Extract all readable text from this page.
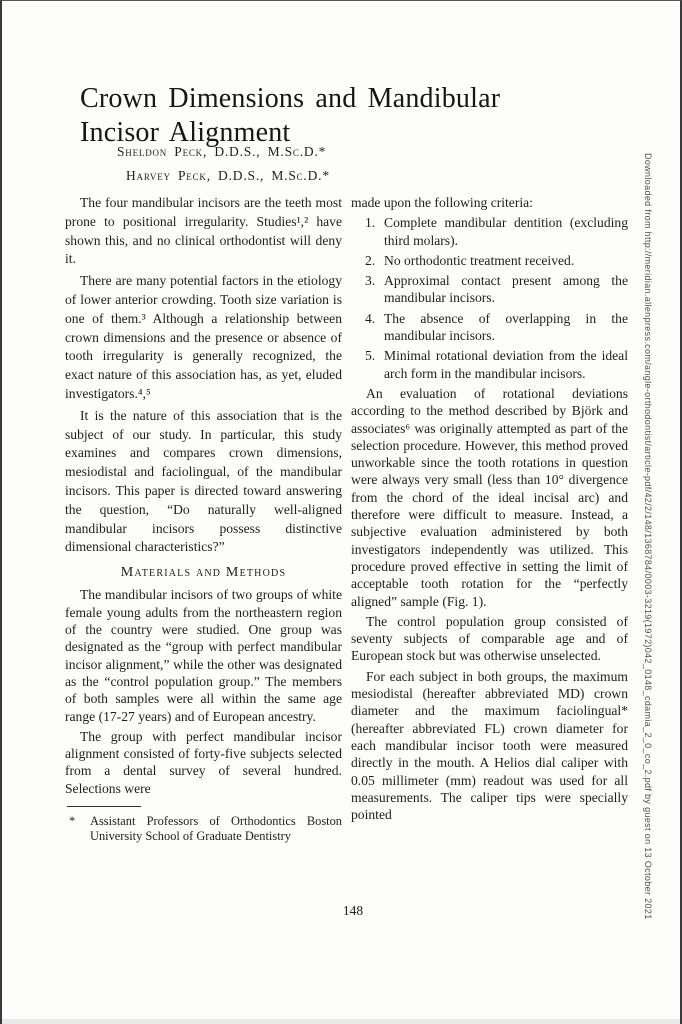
Downloaded from http://meridian.allenpress.com/angle-orthodontist/article-pdf/42/2/148/1368784/0003-3219(1972)042_0148_cdamia_2_0_co_2.pdf by guest on 13 October 2021
Crown Dimensions and Mandibular
Incisor Alignment
Sheldon Peck, D.D.S., M.Sc.D.*
Harvey Peck, D.D.S., M.Sc.D.*

The four mandibular incisors are the teeth most prone to positional irregularity. Studies¹,² have shown this, and no clinical orthodontist will deny it.

There are many potential factors in the etiology of lower anterior crowding. Tooth size variation is one of them.³ Although a relationship between crown dimensions and the presence or absence of tooth irregularity is generally recognized, the exact nature of this association has, as yet, eluded investigators.⁴,⁵

It is the nature of this association that is the subject of our study. In particular, this study examines and compares crown dimensions, mesiodistal and faciolingual, of the mandibular incisors. This paper is directed toward answering the question, “Do naturally well-aligned mandibular incisors possess distinctive dimensional characteristics?”

Materials and Methods

The mandibular incisors of two groups of white female young adults from the northeastern region of the country were studied. One group was designated as the “group with perfect mandibular incisor alignment,” while the other was designated as the “control population group.” The members of both samples were all within the same age range (17-27 years) and of European ancestry.

The group with perfect mandibular incisor alignment consisted of forty-five subjects selected from a dental survey of several hundred. Selections were

* Assistant Professors of Orthodontics Boston University School of Graduate Dentistry

made upon the following criteria:

1. Complete mandibular dentition (excluding third molars).

2. No orthodontic treatment received.

3. Approximal contact present among the mandibular incisors.

4. The absence of overlapping in the mandibular incisors.

5. Minimal rotational deviation from the ideal arch form in the mandibular incisors.

An evaluation of rotational deviations according to the method described by Björk and associates⁶ was originally attempted as part of the selection procedure. However, this method proved unworkable since the tooth rotations in question were always very small (less than 10° divergence from the chord of the ideal incisal arc) and therefore were difficult to measure. Instead, a subjective evaluation administered by both investigators independently was utilized. This procedure proved effective in setting the limit of acceptable tooth rotation for the “perfectly aligned” sample (Fig. 1).

The control population group consisted of seventy subjects of comparable age and of European stock but was otherwise unselected.

For each subject in both groups, the maximum mesiodistal (hereafter abbreviated MD) crown diameter and the maximum faciolingual* (hereafter abbreviated FL) crown diameter for each mandibular incisor tooth were measured directly in the mouth. A Helios dial caliper with 0.05 millimeter (mm) readout was used for all measurements. The caliper tips were specially pointed

148
